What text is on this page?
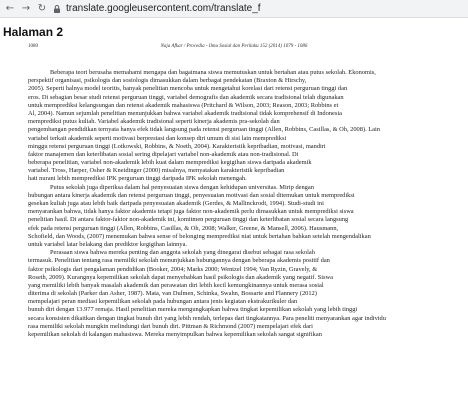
← → ↻ translate.googleusercontent.com/translate_f
Halaman 2
Naja Afkar / Procedia - Ilmu Sosial dan Perilaku 152 (2014) 1079 - 1086
1080
Beberapa teori berusaha memahami mengapa dan bagaimana siswa memutuskan untuk bertahan atau putus sekolah. Ekonomis,
perspektif organisasi, psikologis dan sosiologis dimasukkan dalam berbagai pendekatan (Braxton & Hirschy,
2005). Seperti halnya model teoritis, banyak penelitian mencoba untuk mengetahui korelasi dari retensi perguruan tinggi dan
eros. Di sebagian besar studi retensi perguruan tinggi, variabel demografis dan akademik secara tradisional telah digunakan
untuk memprediksi kelangsungan dan retensi akademik mahasiswa (Pritchard & Wilson, 2003; Reason, 2003; Robbins et
Al, 2004). Namun sejumlah penelitian menunjukkan bahwa variabel akademik tradisional tidak komprehensif di Indonesia
memprediksi putus kuliah. Variabel akademik tradisional seperti kinerja akademis pra-sekolah dan
pengembangan pendidikan ternyata hanya efek tidak langsung pada retensi perguruan tinggi (Allen, Robbins, Casillas, & Oh, 2008). Lain
variabel terkait akademik seperti motivasi berprestasi dan konsep diri umum di sisi lain memprediksi
minggu retensi perguruan tinggi (Lotkowski, Robbins, & Noeth, 2004). Karakteristik kepribadian, motivasi, mandiri
faktor manajemen dan keterlibatan sosial sering dipelajari variabel non-akademik atau non-tradisional. Di
beberapa penelitian, variabel non-akademik lebih kuat dalam memprediksi kegigihan siswa daripada akademik
variabel. Tross, Harper, Osher & Kneidinger (2000) misalnya, menyatakan karakteristik kepribadian
hati nurani lebih memprediksi IPK perguruan tinggi daripada IPK sekolah menengah.
Putus sekolah juga diperiksa dalam hal penyesuaian siswa dengan kehidupan universitas. Mirip dengan
hubungan antara kinerja akademik dan retensi perguruan tinggi, penyesuaian motivasi dan sosial ditemukan untuk memprediksi
gesekan kuliah juga atau lebih baik daripada penyesuaian akademik (Gerdes, & Mallinckrodt, 1994). Studi-studi ini
menyarankan bahwa, tidak hanya faktor akademis tetapi juga faktor non-akademik perlu dimasukkan untuk memprediksi siswa
penelitian hasil. Di antara faktor-faktor non-akademik ini, komitmen perguruan tinggi dan keterlibatan sosial secara langsung
efek pada retensi perguruan tinggi (Allen, Robbins, Casillas, & Oh, 2008; Walker, Greene, & Mansell, 2006). Hausmann,
Schofield, dan Woods, (2007) menemukan bahwa sense of belonging memprediksi niat untuk bertahan bahkan setelah mengendalikan
untuk variabel latar belakang dan prediktor kegigihan lainnya.
Perasaan siswa bahwa mereka penting dan anggota sekolah yang dinegarai disebut sebagai rasa sekolah
termasuk. Penelitian tentang rasa memiliki sekolah menunjukkan hubungannya dengan beberapa akademis positif dan
faktor psikologis dari pengalaman pendidikan (Booker, 2004; Marks 2000; Wentzel 1994; Van Ryzin, Gravely, &
Roseth, 2009). Kurangnya kepemilikan sekolah dapat menyebabkan hasil psikologis dan akademik yang negatif. Siswa
yang memiliki lebih banyak masalah akademik dan perawatan diri lebih kecil kemungkinannya untuk merasa sosial
diterima di sekolah (Parker dan Asher, 1987). Mata, van Dulmen, Schinka, Swahn, Bossarte and Flannery (2012)
mempelajari peran mediasi kepemilikan sekolah pada hubungan antara jenis kegiatan ekstrakurikuler dan
bunuh diri dengan 13.977 remaja. Hasil penelitian mereka mengungkapkan bahwa tingkat kepemilikan sekolah yang lebih tinggi
secara konsisten dikaitkan dengan tingkat bunuh diri yang lebih rendah, terlepas dari tingkatannya. Para peneliti menyarankan agar individu
rasa memiliki sekolah mungkin melindungi dari bunuh diri. Pittman & Richmond (2007) mempelajari efek dari
kepemilikan sekolah di kalangan mahasiswa. Mereka menyimpulkan bahwa kepemilikan sekolah sangat signifikan
